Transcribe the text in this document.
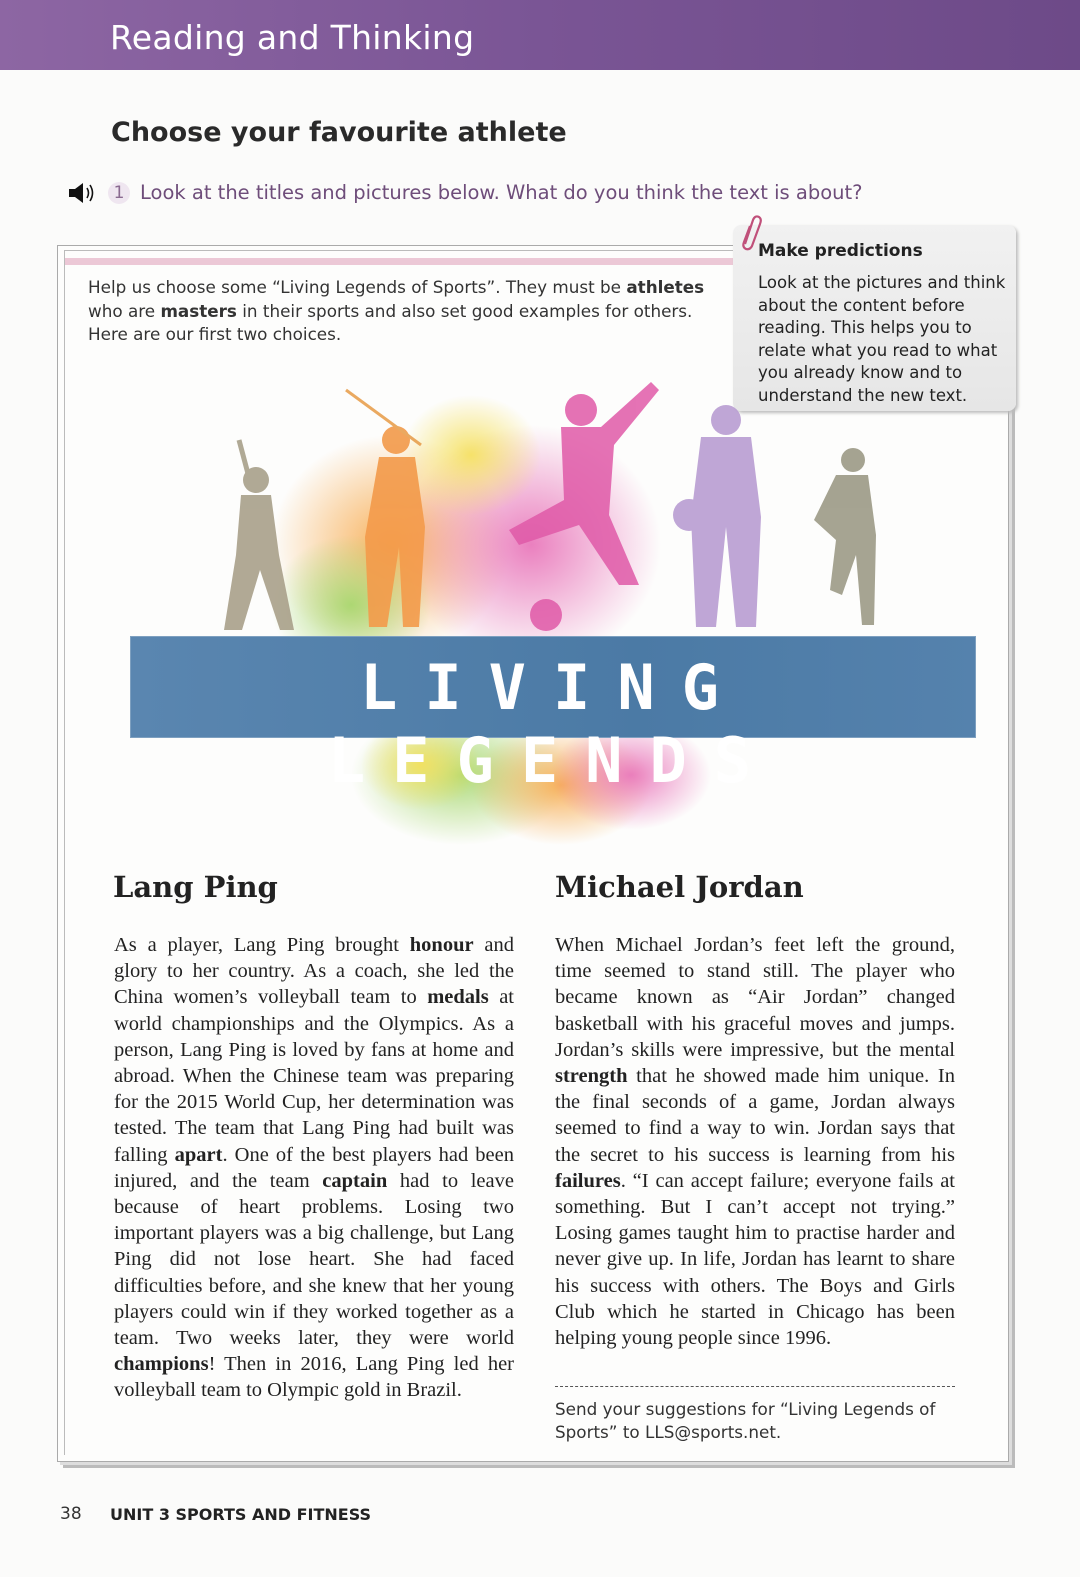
Reading and Thinking
Choose your favourite athlete
1 Look at the titles and pictures below. What do you think the text is about?
Help us choose some “Living Legends of Sports”. They must be athletes who are masters in their sports and also set good examples for others. Here are our first two choices.
Make predictions
Look at the pictures and think about the content before reading. This helps you to relate what you read to what you already know and to understand the new text.
LIVING LEGENDS
Lang Ping
As a player, Lang Ping brought honour and glory to her country. As a coach, she led the China women’s volleyball team to medals at world championships and the Olympics. As a person, Lang Ping is loved by fans at home and abroad. When the Chinese team was preparing for the 2015 World Cup, her determination was tested. The team that Lang Ping had built was falling apart. One of the best players had been injured, and the team captain had to leave because of heart problems. Losing two important players was a big challenge, but Lang Ping did not lose heart. She had faced difficulties before, and she knew that her young players could win if they worked together as a team. Two weeks later, they were world champions! Then in 2016, Lang Ping led her volleyball team to Olympic gold in Brazil.
Michael Jordan
When Michael Jordan’s feet left the ground, time seemed to stand still. The player who became known as “Air Jordan” changed basketball with his graceful moves and jumps. Jordan’s skills were impressive, but the mental strength that he showed made him unique. In the final seconds of a game, Jordan always seemed to find a way to win. Jordan says that the secret to his success is learning from his failures. “I can accept failure; everyone fails at something. But I can’t accept not trying.” Losing games taught him to practise harder and never give up. In life, Jordan has learnt to share his success with others. The Boys and Girls Club which he started in Chicago has been helping young people since 1996.
Send your suggestions for “Living Legends of Sports” to LLS@sports.net.
38 UNIT 3 SPORTS AND FITNESS
